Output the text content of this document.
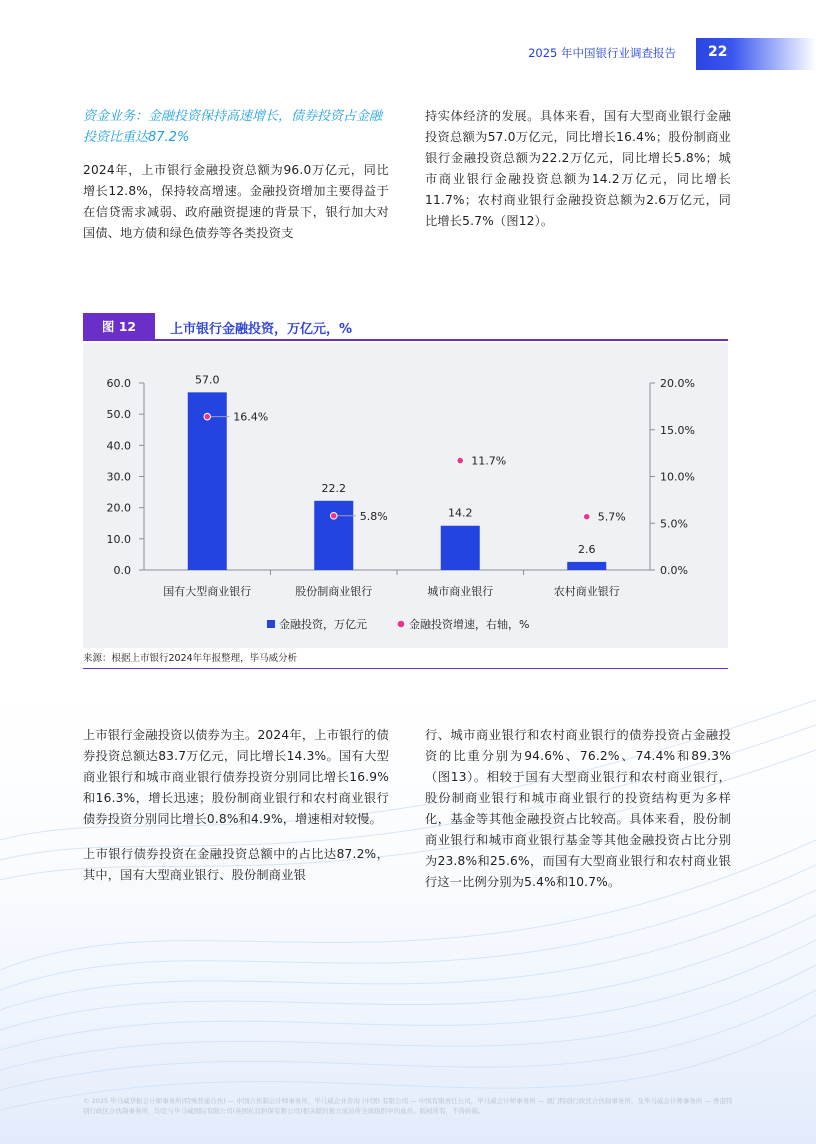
2025 年中国银行业调查报告 22
资金业务：金融投资保持高速增长，债券投资占金融投资比重达87.2%
2024年，上市银行金融投资总额为96.0万亿元，同比增长12.8%，保持较高增速。金融投资增加主要得益于在信贷需求减弱、政府融资提速的背景下，银行加大对国债、地方债和绿色债券等各类投资支
持实体经济的发展。具体来看，国有大型商业银行金融投资总额为57.0万亿元，同比增长16.4%；股份制商业银行金融投资总额为22.2万亿元，同比增长5.8%；城市商业银行金融投资总额为14.2万亿元，同比增长11.7%；农村商业银行金融投资总额为2.6万亿元，同比增长5.7%（图12）。
图 12	上市银行金融投资，万亿元，%
0.0
10.0
20.0
30.0
40.0
50.0
60.0
0.0%
5.0%
10.0%
15.0%
20.0%
国有大型商业银行	股份制商业银行	城市商业银行	农村商业银行
57.0
22.2
14.2
2.6
16.4%
5.8%
11.7%
5.7%
金融投资，万亿元	金融投资增速，右轴，%
来源：根据上市银行2024年年报整理，毕马威分析
上市银行金融投资以债券为主。2024年，上市银行的债券投资总额达83.7万亿元，同比增长14.3%。国有大型商业银行和城市商业银行债券投资分别同比增长16.9%和16.3%，增长迅速；股份制商业银行和农村商业银行债券投资分别同比增长0.8%和4.9%，增速相对较慢。
上市银行债券投资在金融投资总额中的占比达87.2%，其中，国有大型商业银行、股份制商业银
行、城市商业银行和农村商业银行的债券投资占金融投资的比重分别为94.6%、76.2%、74.4%和89.3%（图13）。相较于国有大型商业银行和农村商业银行，股份制商业银行和城市商业银行的投资结构更为多样化，基金等其他金融投资占比较高。具体来看，股份制商业银行和城市商业银行基金等其他金融投资占比分别为23.8%和25.6%，而国有大型商业银行和农村商业银行这一比例分别为5.4%和10.7%。
© 2025 毕马威华振会计师事务所(特殊普通合伙) — 中国合伙制会计师事务所，毕马威企业咨询 (中国) 有限公司 — 中国有限责任公司，毕马威会计师事务所 — 澳门特别行政区合伙制事务所，及毕马威会计师事务所 — 香港特别行政区合伙制事务所，均是与毕马威国际有限公司(英国私营担保有限公司)相关联的独立成员所全球组织中的成员。版权所有，不得转载。
